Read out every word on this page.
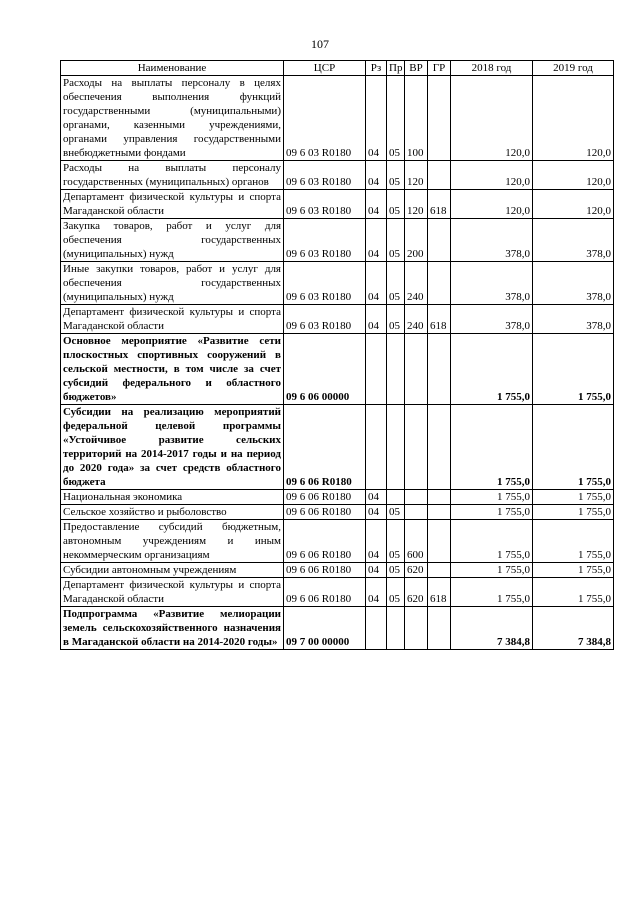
107
Наименование	ЦСР	Рз	Пр	ВР	ГР	2018 год	2019 год
Расходы на выплаты персоналу в целях обеспечения выполнения функций государственными (муниципальными) органами, казенными учреждениями, органами управления государственными внебюджетными фондами	09 6 03 R0180	04	05	100		120,0	120,0
Расходы на выплаты персоналу государственных (муниципальных) органов	09 6 03 R0180	04	05	120		120,0	120,0
Департамент физической культуры и спорта Магаданской области	09 6 03 R0180	04	05	120	618	120,0	120,0
Закупка товаров, работ и услуг для обеспечения государственных (муниципальных) нужд	09 6 03 R0180	04	05	200		378,0	378,0
Иные закупки товаров, работ и услуг для обеспечения государственных (муниципальных) нужд	09 6 03 R0180	04	05	240		378,0	378,0
Департамент физической культуры и спорта Магаданской области	09 6 03 R0180	04	05	240	618	378,0	378,0
Основное мероприятие «Развитие сети плоскостных спортивных сооружений в сельской местности, в том числе за счет субсидий федерального и областного бюджетов»	09 6 06 00000					1 755,0	1 755,0
Субсидии на реализацию мероприятий федеральной целевой программы «Устойчивое развитие сельских территорий на 2014-2017 годы и на период до 2020 года» за счет средств областного бюджета	09 6 06 R0180					1 755,0	1 755,0
Национальная экономика	09 6 06 R0180	04				1 755,0	1 755,0
Сельское хозяйство и рыболовство	09 6 06 R0180	04	05			1 755,0	1 755,0
Предоставление субсидий бюджетным, автономным учреждениям и иным некоммерческим организациям	09 6 06 R0180	04	05	600		1 755,0	1 755,0
Субсидии автономным учреждениям	09 6 06 R0180	04	05	620		1 755,0	1 755,0
Департамент физической культуры и спорта Магаданской области	09 6 06 R0180	04	05	620	618	1 755,0	1 755,0
Подпрограмма «Развитие мелиорации земель сельскохозяйственного назначения в Магаданской области на 2014-2020 годы»	09 7 00 00000					7 384,8	7 384,8
